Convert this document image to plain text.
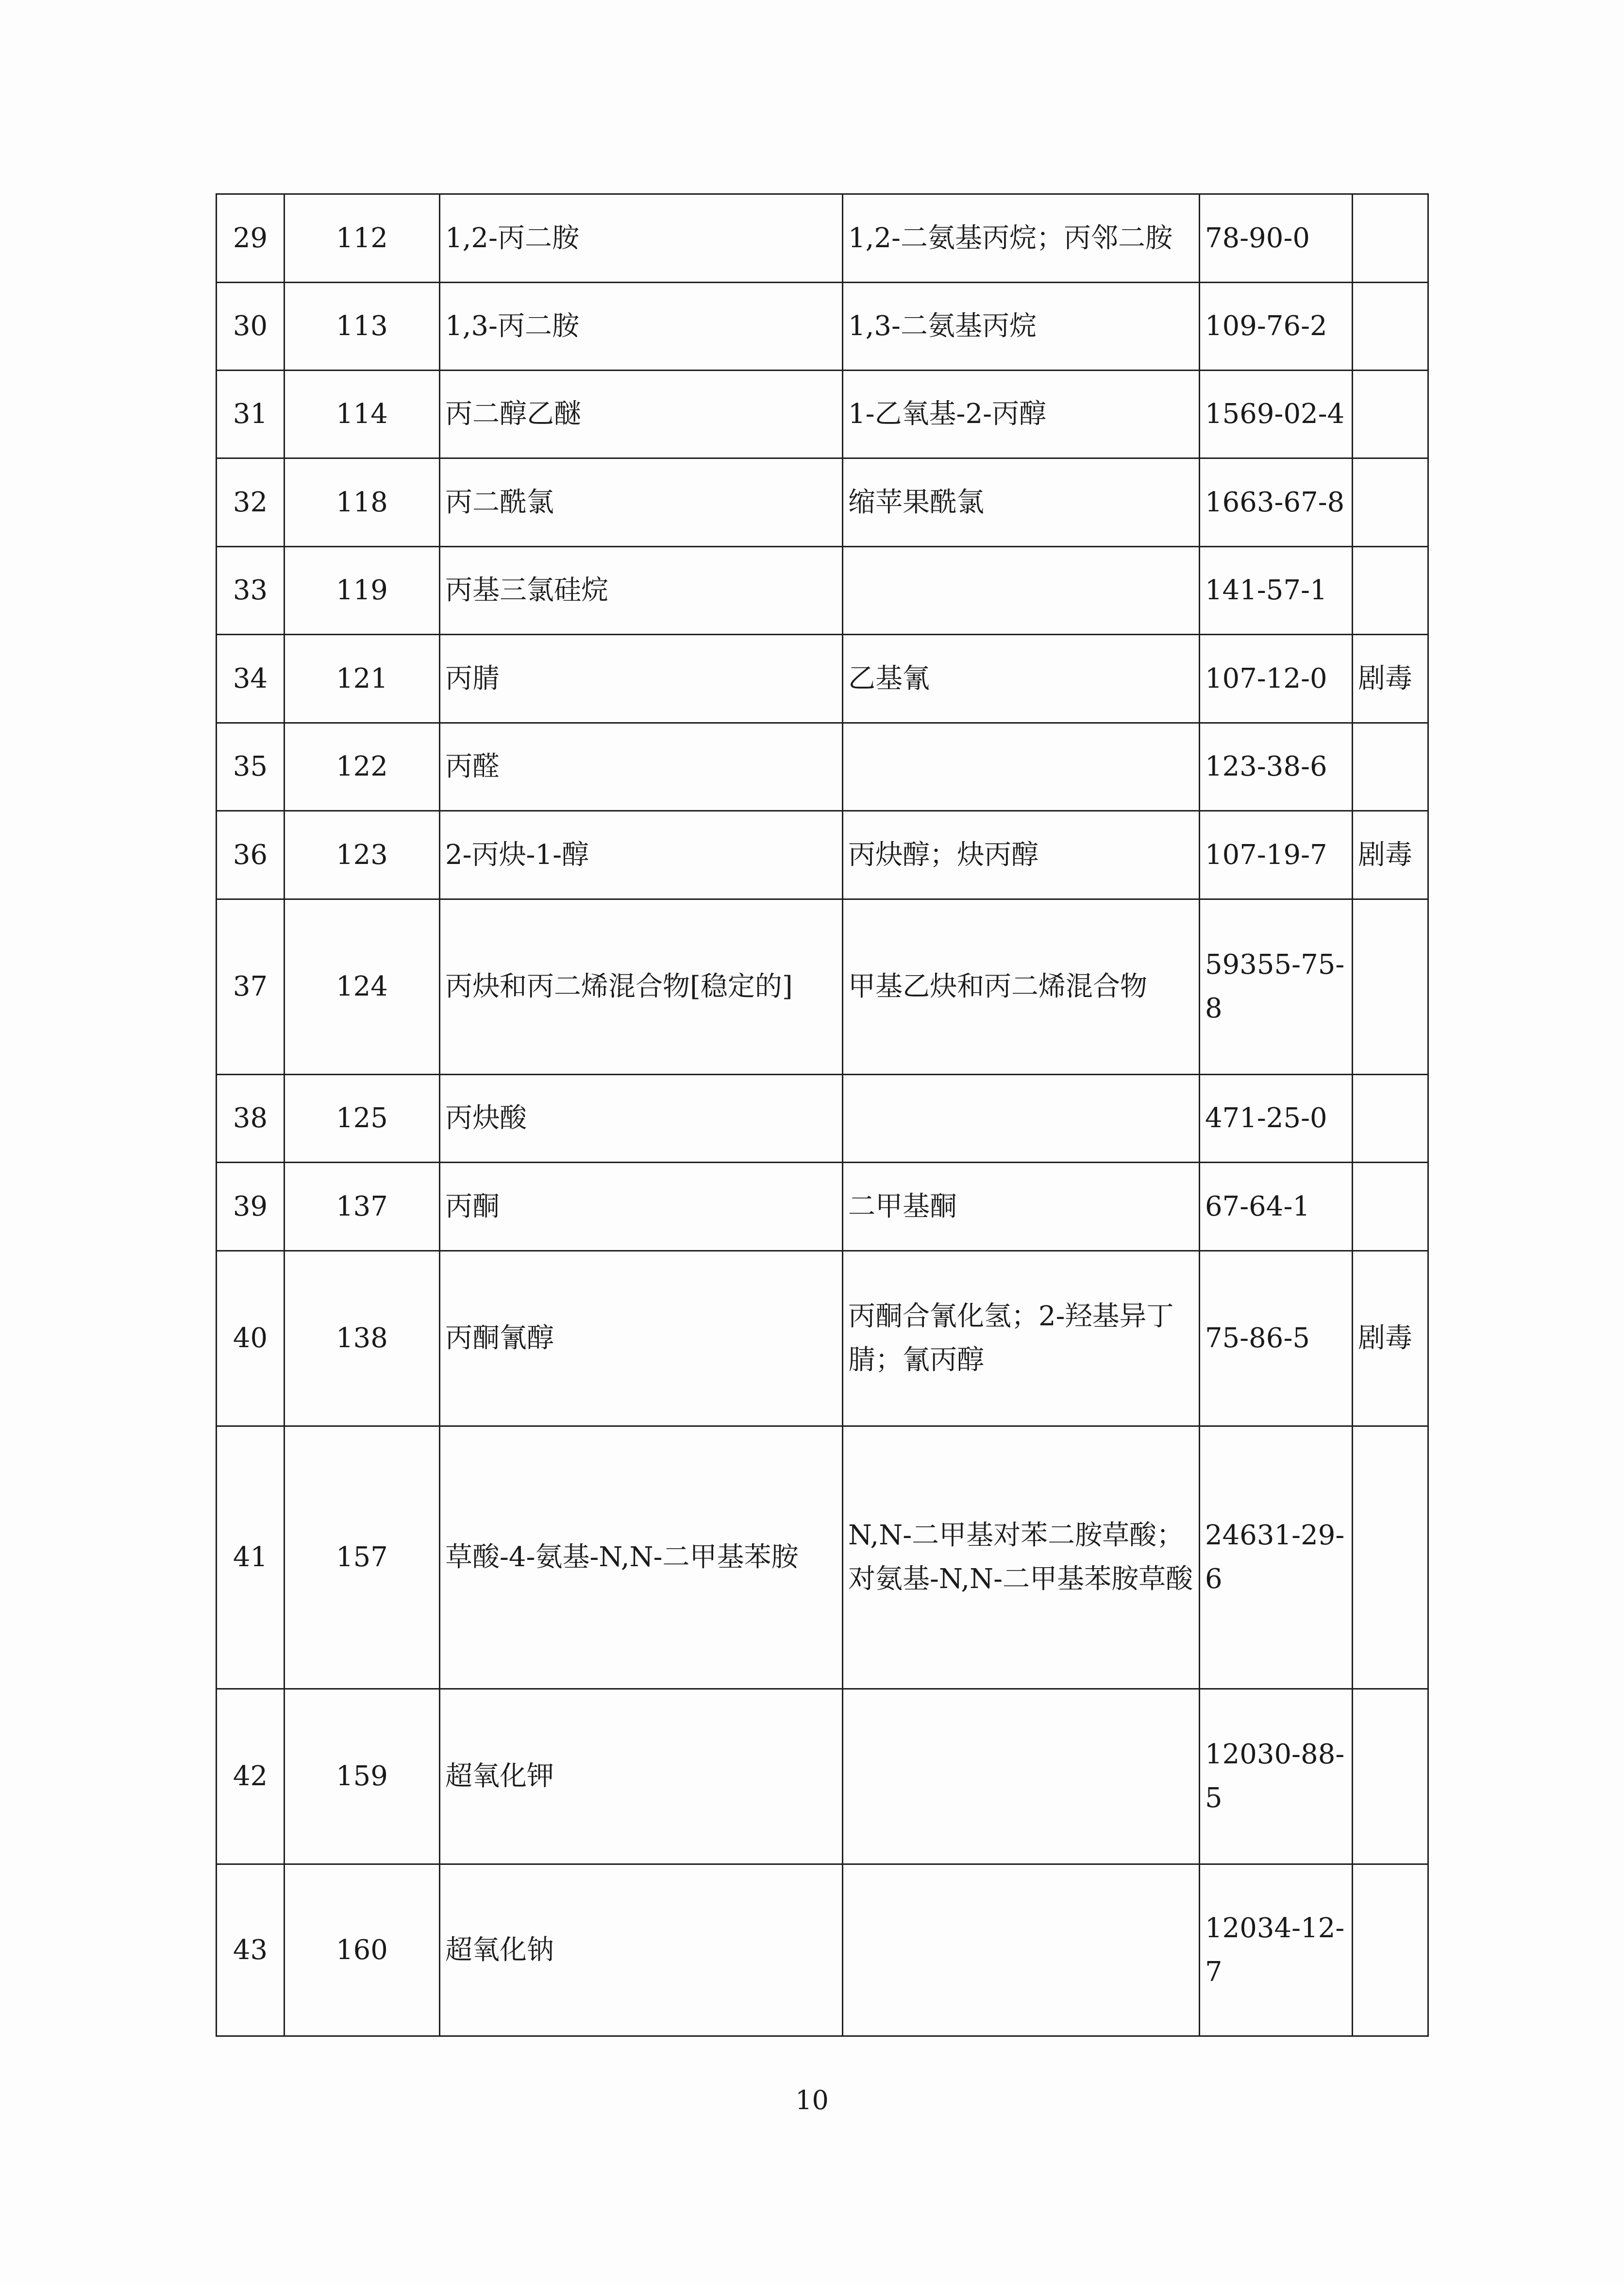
29	112	1,2-丙二胺	1,2-二氨基丙烷；丙邻二胺	78-90-0	
30	113	1,3-丙二胺	1,3-二氨基丙烷	109-76-2	
31	114	丙二醇乙醚	1-乙氧基-2-丙醇	1569-02-4	
32	118	丙二酰氯	缩苹果酰氯	1663-67-8	
33	119	丙基三氯硅烷		141-57-1	
34	121	丙腈	乙基氰	107-12-0	剧毒
35	122	丙醛		123-38-6	
36	123	2-丙炔-1-醇	丙炔醇；炔丙醇	107-19-7	剧毒
37	124	丙炔和丙二烯混合物[稳定的]	甲基乙炔和丙二烯混合物	59355-75-8	
38	125	丙炔酸		471-25-0	
39	137	丙酮	二甲基酮	67-64-1	
40	138	丙酮氰醇	丙酮合氰化氢；2-羟基异丁腈；氰丙醇	75-86-5	剧毒
41	157	草酸-4-氨基-N,N-二甲基苯胺	N,N-二甲基对苯二胺草酸；对氨基-N,N-二甲基苯胺草酸	24631-29-6	
42	159	超氧化钾		12030-88-5	
43	160	超氧化钠		12034-12-7	
10
